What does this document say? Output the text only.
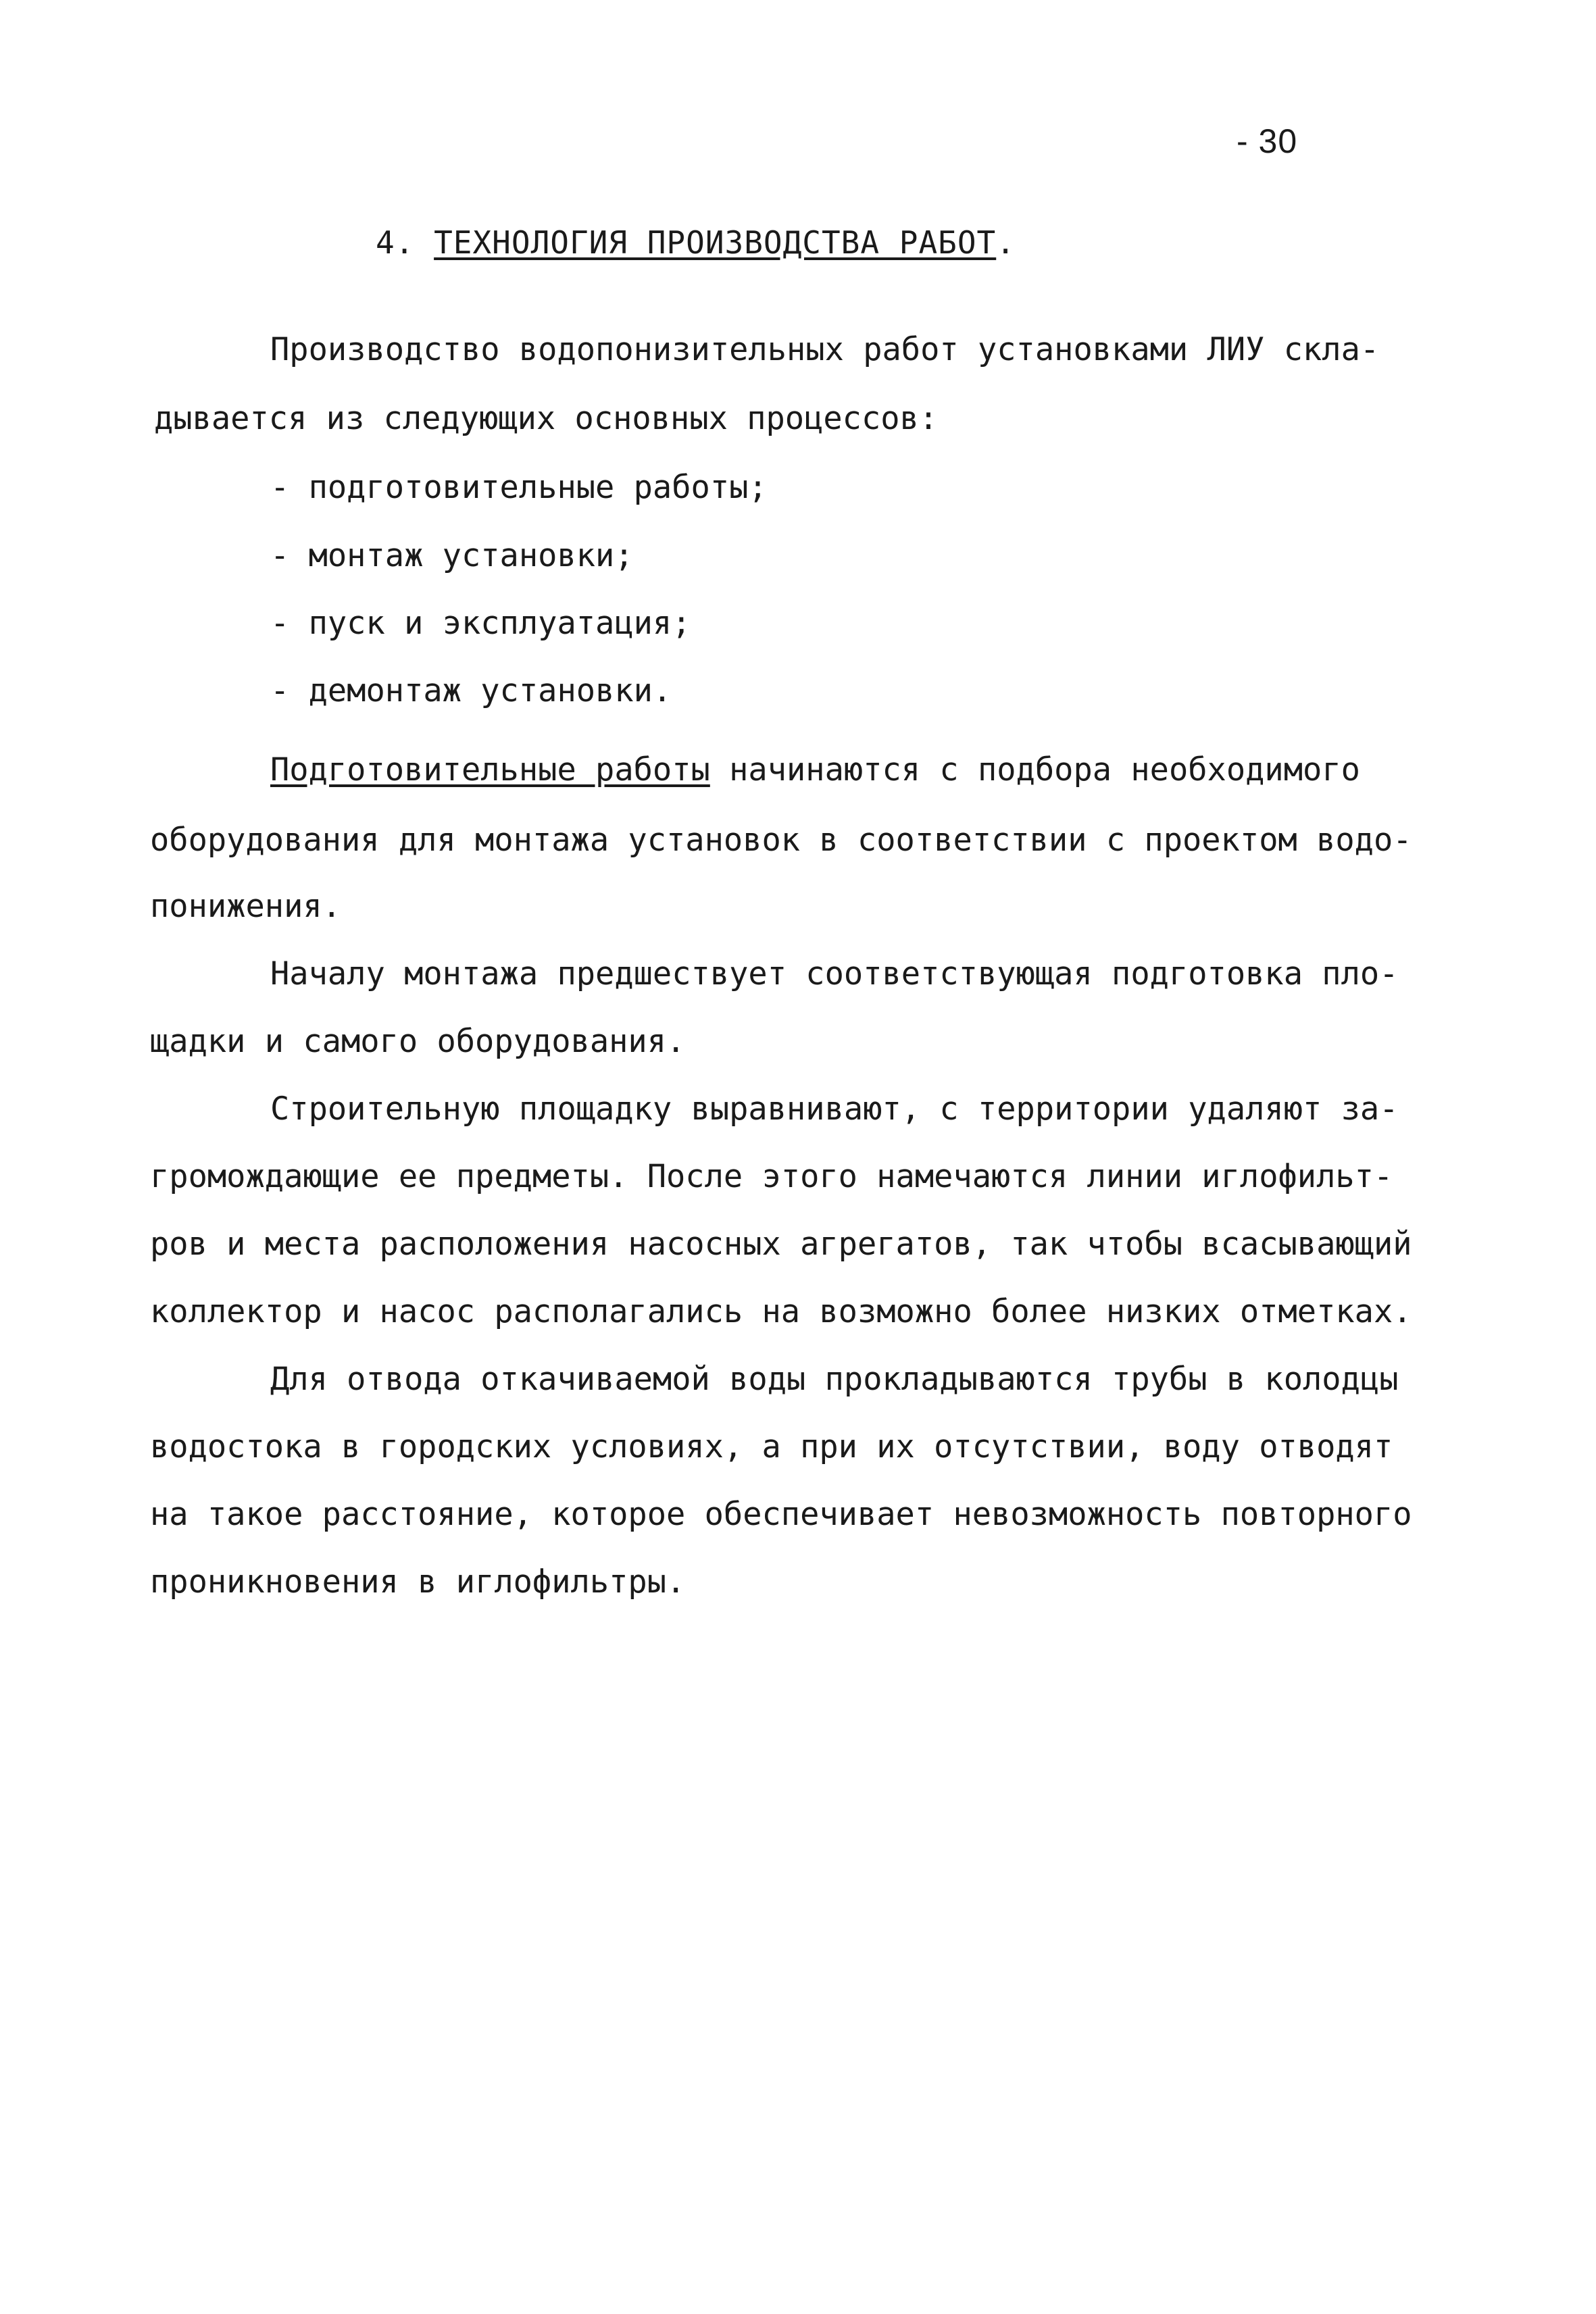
- 30
4. ТЕХНОЛОГИЯ ПРОИЗВОДСТВА РАБОТ.
Производство водопонизительных работ установками ЛИУ скла-
дывается из следующих основных процессов:
- подготовительные работы;
- монтаж установки;
- пуск и эксплуатация;
- демонтаж установки.
Подготовительные работы начинаются с подбора необходимого
оборудования для монтажа установок в соответствии с проектом водо-
понижения.
Началу монтажа предшествует соответствующая подготовка пло-
щадки и самого оборудования.
Строительную площадку выравнивают, с территории удаляют за-
громождающие ее предметы. После этого намечаются линии иглофильт-
ров и места расположения насосных агрегатов, так чтобы всасывающий
коллектор и насос располагались на возможно более низких отметках.
Для отвода откачиваемой воды прокладываются трубы в колодцы
водостока в городских условиях, а при их отсутствии, воду отводят
на такое расстояние, которое обеспечивает невозможность повторного
проникновения в иглофильтры.
